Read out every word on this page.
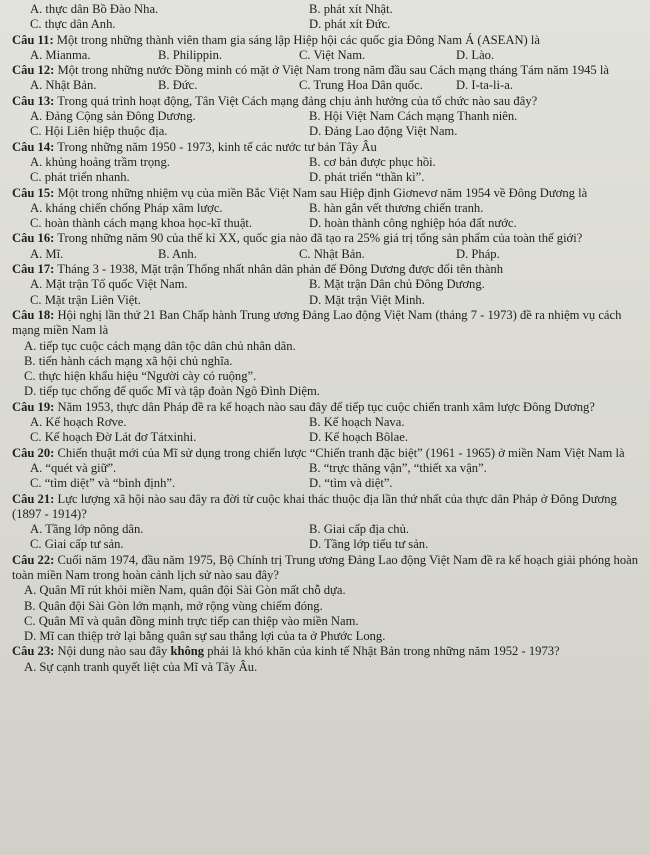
A. thực dân Bồ Đào Nha.	B. phát xít Nhật.
C. thực dân Anh.	D. phát xít Đức.

Câu 11: Một trong những thành viên tham gia sáng lập Hiệp hội các quốc gia Đông Nam Á (ASEAN) là

A. Mianma.	B. Philippin.	C. Việt Nam.	D. Lào.

Câu 12: Một trong những nước Đồng minh có mặt ở Việt Nam trong năm đầu sau Cách mạng tháng Tám năm 1945 là

A. Nhật Bản.	B. Đức.	C. Trung Hoa Dân quốc.	D. I-ta-li-a.

Câu 13: Trong quá trình hoạt động, Tân Việt Cách mạng đảng chịu ảnh hưởng của tổ chức nào sau đây?

A. Đảng Cộng sản Đông Dương.	B. Hội Việt Nam Cách mạng Thanh niên.
C. Hội Liên hiệp thuộc địa.	D. Đảng Lao động Việt Nam.

Câu 14: Trong những năm 1950 - 1973, kinh tế các nước tư bản Tây Âu

A. khủng hoảng trầm trọng.	B. cơ bản được phục hồi.
C. phát triển nhanh.	D. phát triển “thần kì”.

Câu 15: Một trong những nhiệm vụ của miền Bắc Việt Nam sau Hiệp định Giơnevơ năm 1954 về Đông Dương là

A. kháng chiến chống Pháp xâm lược.	B. hàn gắn vết thương chiến tranh.
C. hoàn thành cách mạng khoa học-kĩ thuật.	D. hoàn thành công nghiệp hóa đất nước.

Câu 16: Trong những năm 90 của thế kỉ XX, quốc gia nào đã tạo ra 25% giá trị tổng sản phẩm của toàn thế giới?

A. Mĩ.	B. Anh.	C. Nhật Bản.	D. Pháp.

Câu 17: Tháng 3 - 1938, Mặt trận Thống nhất nhân dân phản đế Đông Dương được đổi tên thành

A. Mặt trận Tổ quốc Việt Nam.	B. Mặt trận Dân chủ Đông Dương.
C. Mặt trận Liên Việt.	D. Mặt trận Việt Minh.

Câu 18: Hội nghị lần thứ 21 Ban Chấp hành Trung ương Đảng Lao động Việt Nam (tháng 7 - 1973) đề ra nhiệm vụ cách mạng miền Nam là

A. tiếp tục cuộc cách mạng dân tộc dân chủ nhân dân.

B. tiến hành cách mạng xã hội chủ nghĩa.

C. thực hiện khẩu hiệu “Người cày có ruộng”.

D. tiếp tục chống đế quốc Mĩ và tập đoàn Ngô Đình Diệm.

Câu 19: Năm 1953, thực dân Pháp đề ra kế hoạch nào sau đây để tiếp tục cuộc chiến tranh xâm lược Đông Dương?

A. Kế hoạch Rơve.	B. Kế hoạch Nava.
C. Kế hoạch Đờ Lát đơ Tátxinhi.	D. Kế hoạch Bôlae.

Câu 20: Chiến thuật mới của Mĩ sử dụng trong chiến lược “Chiến tranh đặc biệt” (1961 - 1965) ở miền Nam Việt Nam là

A. “quét và giữ”.	B. “trực thăng vận”, “thiết xa vận”.
C. “tìm diệt” và “bình định”.	D. “tìm và diệt”.

Câu 21: Lực lượng xã hội nào sau đây ra đời từ cuộc khai thác thuộc địa lần thứ nhất của thực dân Pháp ở Đông Dương (1897 - 1914)?

A. Tầng lớp nông dân.	B. Giai cấp địa chủ.
C. Giai cấp tư sản.	D. Tầng lớp tiểu tư sản.

Câu 22: Cuối năm 1974, đầu năm 1975, Bộ Chính trị Trung ương Đảng Lao động Việt Nam đề ra kế hoạch giải phóng hoàn toàn miền Nam trong hoàn cảnh lịch sử nào sau đây?

A. Quân Mĩ rút khỏi miền Nam, quân đội Sài Gòn mất chỗ dựa.

B. Quân đội Sài Gòn lớn mạnh, mở rộng vùng chiếm đóng.

C. Quân Mĩ và quân đồng minh trực tiếp can thiệp vào miền Nam.

D. Mĩ can thiệp trở lại bằng quân sự sau thắng lợi của ta ở Phước Long.

Câu 23: Nội dung nào sau đây không phải là khó khăn của kinh tế Nhật Bản trong những năm 1952 - 1973?

A. Sự cạnh tranh quyết liệt của Mĩ và Tây Âu.
